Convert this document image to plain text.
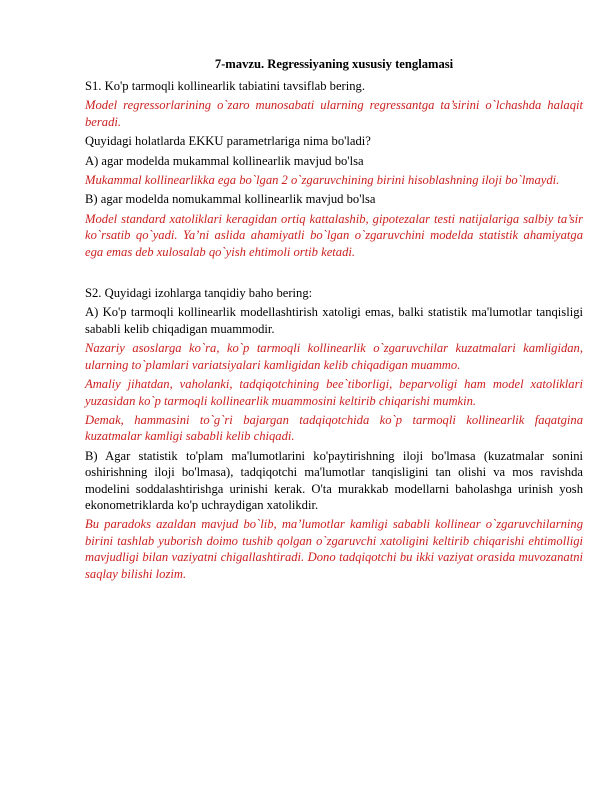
7-mavzu. Regressiyaning xususiy tenglamasi

S1. Ko'p tarmoqli kollinearlik tabiatini tavsiflab bering.

Model regressorlarining o`zaro munosabati ularning regressantga ta’sirini o`lchashda halaqit beradi.

Quyidagi holatlarda EKKU parametrlariga nima bo'ladi?

A) agar modelda mukammal kollinearlik mavjud bo'lsa

Mukammal kollinearlikka ega bo`lgan 2 o`zgaruvchining birini hisoblashning iloji bo`lmaydi.

B) agar modelda nomukammal kollinearlik mavjud bo'lsa

Model standard xatoliklari keragidan ortiq kattalashib, gipotezalar testi natijalariga salbiy ta’sir ko`rsatib qo`yadi. Ya’ni aslida ahamiyatli bo`lgan o`zgaruvchini modelda statistik ahamiyatga ega emas deb xulosalab qo`yish ehtimoli ortib ketadi.

S2. Quyidagi izohlarga tanqidiy baho bering:

A) Ko'p tarmoqli kollinearlik modellashtirish xatoligi emas, balki statistik ma'lumotlar tanqisligi sababli kelib chiqadigan muammodir.

Nazariy asoslarga ko`ra, ko`p tarmoqli kollinearlik o`zgaruvchilar kuzatmalari kamligidan, ularning to`plamlari variatsiyalari kamligidan kelib chiqadigan muammo.

Amaliy jihatdan, vaholanki, tadqiqotchining bee`tiborligi, beparvoligi ham model xatoliklari yuzasidan ko`p tarmoqli kollinearlik muammosini keltirib chiqarishi mumkin.

Demak, hammasini to`g`ri bajargan tadqiqotchida ko`p tarmoqli kollinearlik faqatgina kuzatmalar kamligi sababli kelib chiqadi.

B) Agar statistik to'plam ma'lumotlarini ko'paytirishning iloji bo'lmasa (kuzatmalar sonini oshirishning iloji bo'lmasa), tadqiqotchi ma'lumotlar tanqisligini tan olishi va mos ravishda modelini soddalashtirishga urinishi kerak. O'ta murakkab modellarni baholashga urinish yosh ekonometriklarda ko'p uchraydigan xatolikdir.

Bu paradoks azaldan mavjud bo`lib, ma’lumotlar kamligi sababli kollinear o`zgaruvchilarning birini tashlab yuborish doimo tushib qolgan o`zgaruvchi xatoligini keltirib chiqarishi ehtimolligi mavjudligi bilan vaziyatni chigallashtiradi. Dono tadqiqotchi bu ikki vaziyat orasida muvozanatni saqlay bilishi lozim.
